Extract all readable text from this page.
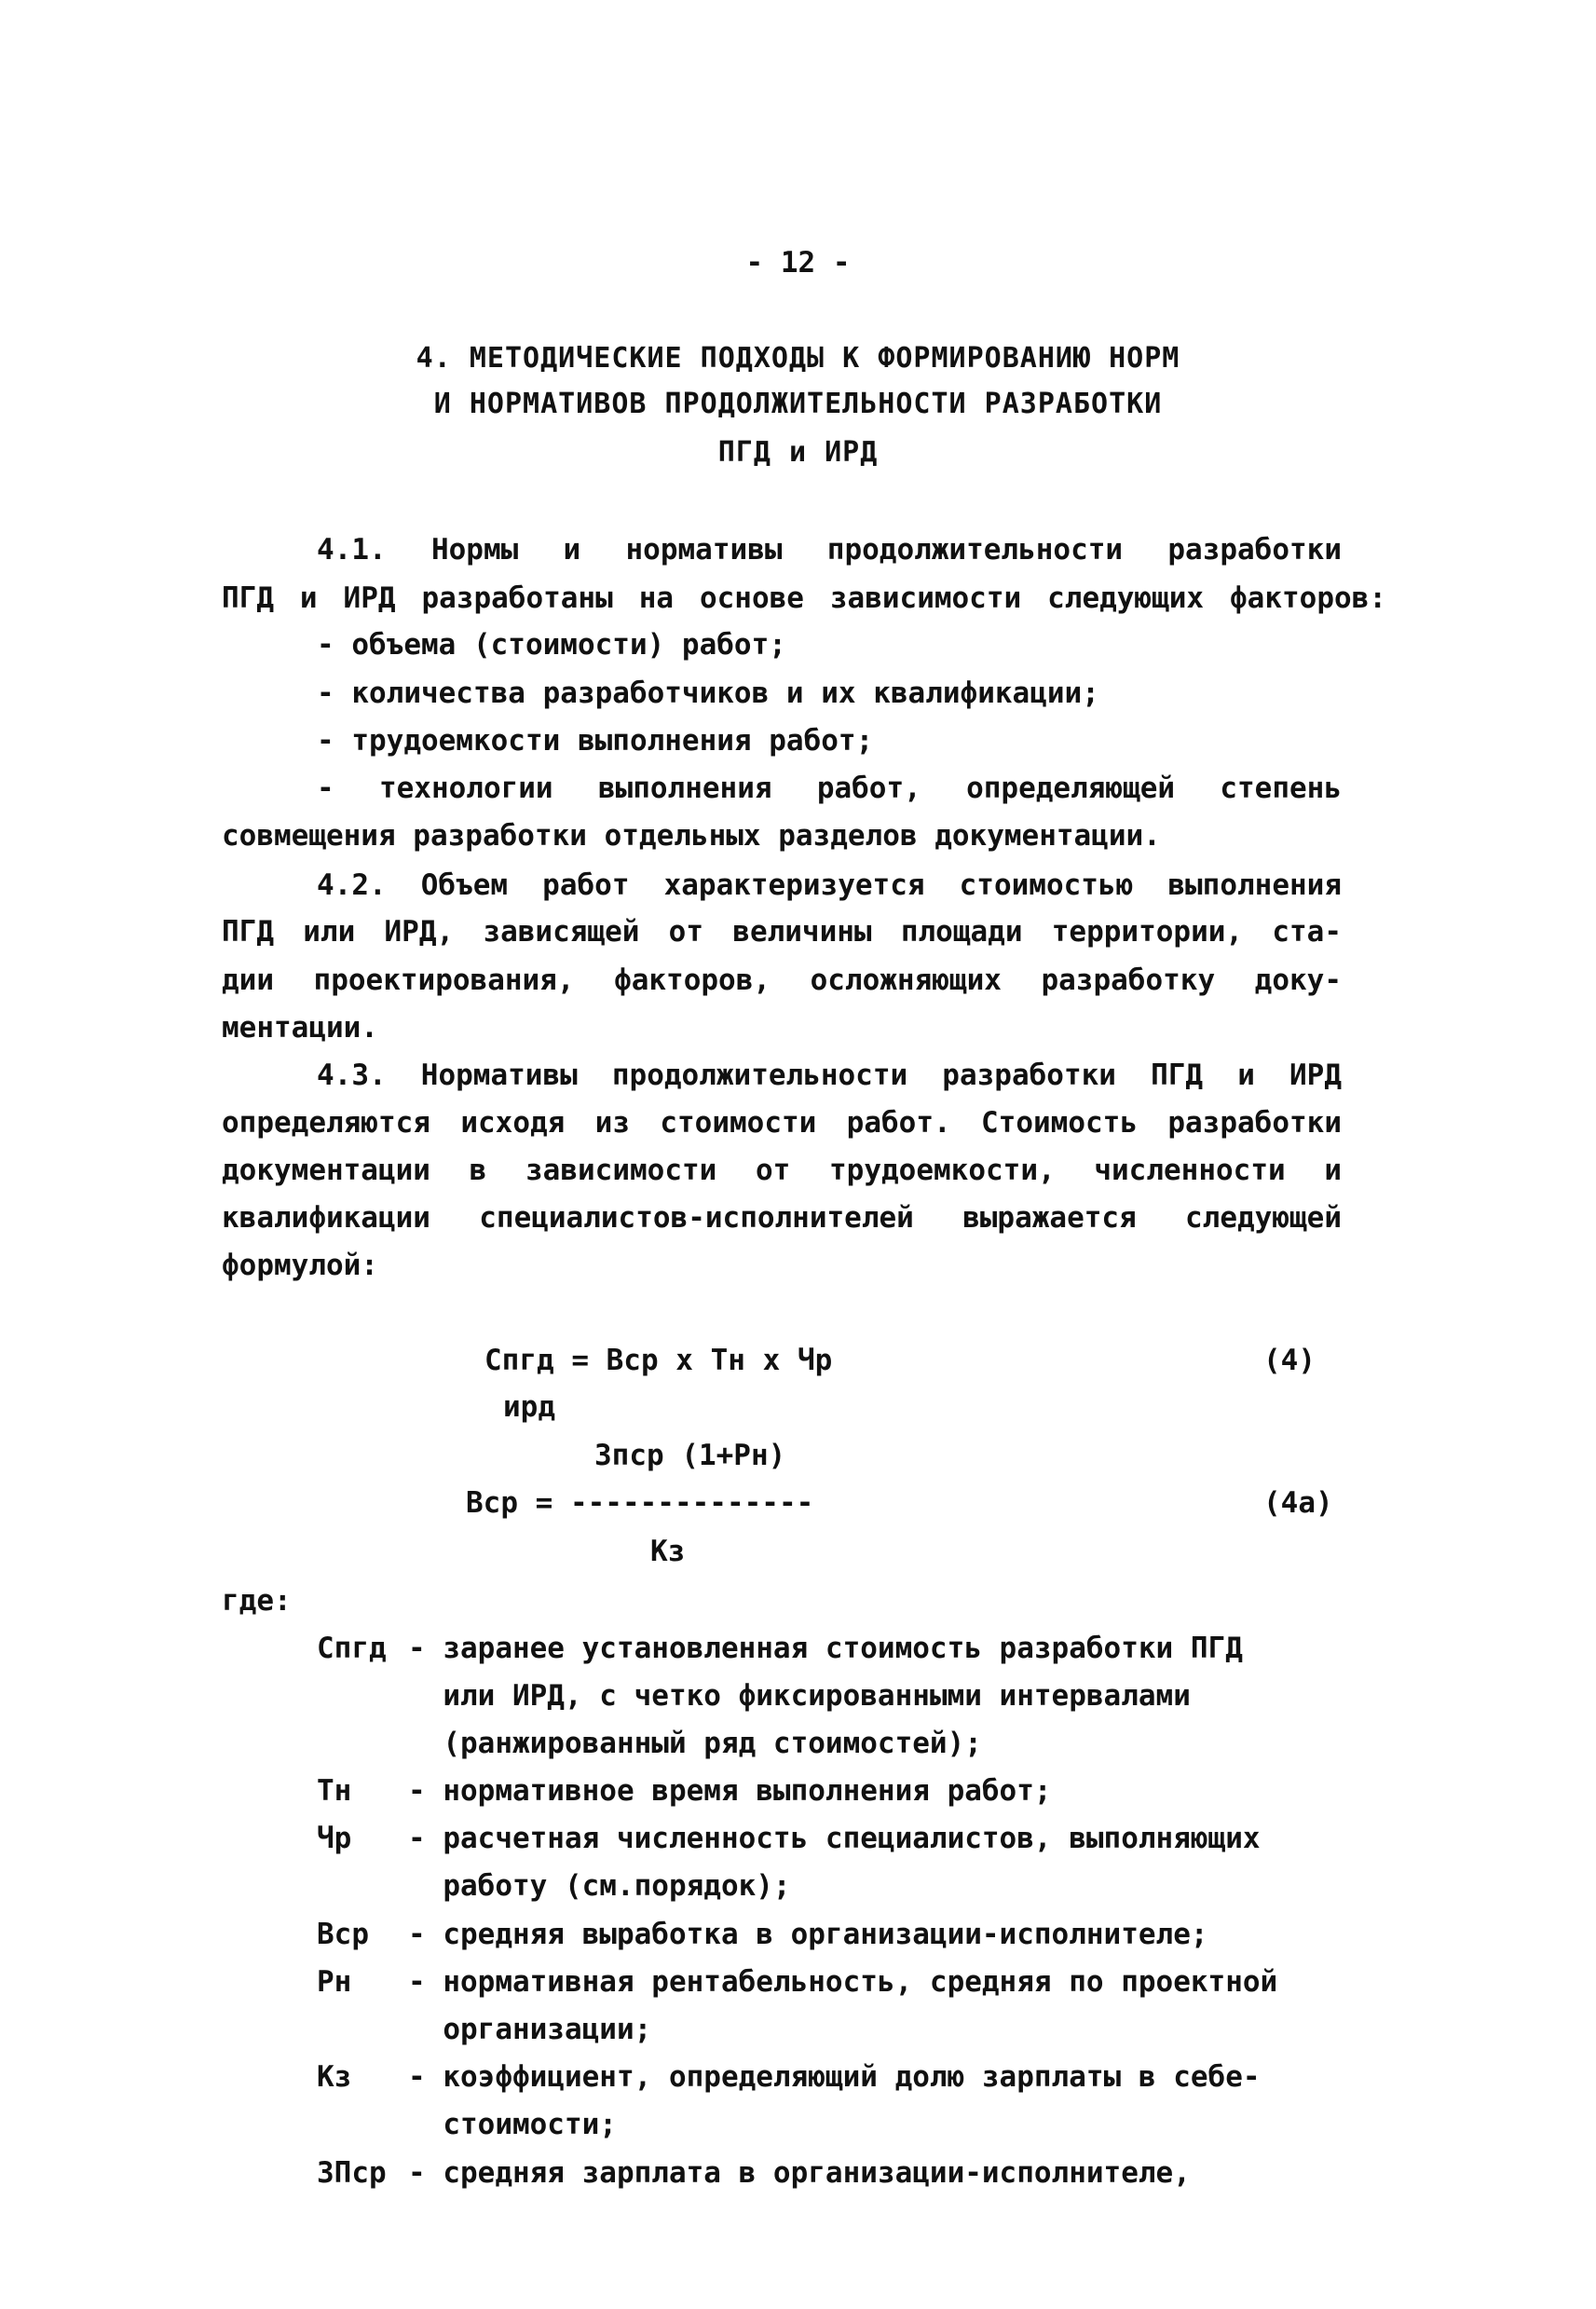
- 12 -
4. МЕТОДИЧЕСКИЕ ПОДХОДЫ К ФОРМИРОВАНИЮ НОРМ
И НОРМАТИВОВ ПРОДОЛЖИТЕЛЬНОСТИ РАЗРАБОТКИ
ПГД и ИРД
4.1. Нормы и нормативы продолжительности разработки
ПГД и ИРД разработаны на основе зависимости следующих факторов:
- объема (стоимости) работ;
- количества разработчиков и их квалификации;
- трудоемкости выполнения работ;
- технологии выполнения работ, определяющей степень
совмещения разработки отдельных разделов документации.
4.2. Объем работ характеризуется стоимостью выполнения
ПГД или ИРД, зависящей от величины площади территории, ста-
дии проектирования, факторов, осложняющих разработку доку-
ментации.
4.3. Нормативы продолжительности разработки ПГД и ИРД
определяются исходя из стоимости работ. Стоимость разработки
документации в зависимости от трудоемкости, численности и
квалификации специалистов-исполнителей выражается следующей
формулой:
Спгд = Вср х Тн х Чр
ирд
(4)
Зпср (1+Рн)
Вср = --------------	(4а)
Кз
где:
Спгд - заранее установленная стоимость разработки ПГД
или ИРД, с четко фиксированными интервалами
(ранжированный ряд стоимостей);
Тн - нормативное время выполнения работ;
Чр - расчетная численность специалистов, выполняющих
работу (см.порядок);
Вср - средняя выработка в организации-исполнителе;
Рн - нормативная рентабельность, средняя по проектной
организации;
Кз - коэффициент, определяющий долю зарплаты в себе-
стоимости;
ЗПср - средняя зарплата в организации-исполнителе,
